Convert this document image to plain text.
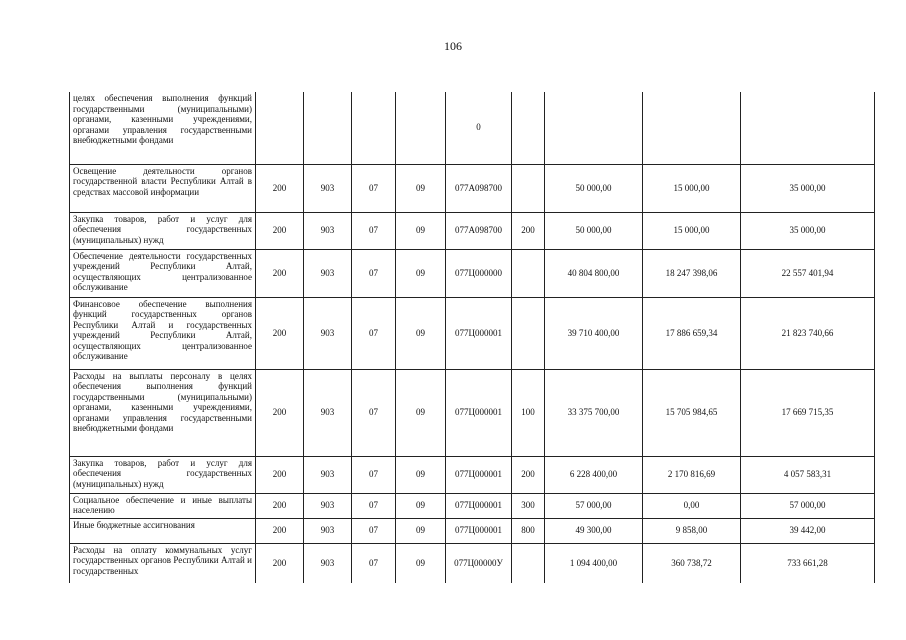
106
целях обеспечения выполнения функций государственными (муниципальными) органами, казенными учреждениями, органами управления государственными внебюджетными фондами					0				
Освещение деятельности органов государственной власти Республики Алтай в средствах массовой информации	200	903	07	09	077А098700		50 000,00	15 000,00	35 000,00
Закупка товаров, работ и услуг для обеспечения государственных (муниципальных) нужд	200	903	07	09	077А098700	200	50 000,00	15 000,00	35 000,00
Обеспечение деятельности государственных учреждений Республики Алтай, осуществляющих централизованное обслуживание	200	903	07	09	077Ц000000		40 804 800,00	18 247 398,06	22 557 401,94
Финансовое обеспечение выполнения функций государственных органов Республики Алтай и государственных учреждений Республики Алтай, осуществляющих централизованное обслуживание	200	903	07	09	077Ц000001		39 710 400,00	17 886 659,34	21 823 740,66
Расходы на выплаты персоналу в целях обеспечения выполнения функций государственными (муниципальными) органами, казенными учреждениями, органами управления государственными внебюджетными фондами	200	903	07	09	077Ц000001	100	33 375 700,00	15 705 984,65	17 669 715,35
Закупка товаров, работ и услуг для обеспечения государственных (муниципальных) нужд	200	903	07	09	077Ц000001	200	6 228 400,00	2 170 816,69	4 057 583,31
Социальное обеспечение и иные выплаты населению	200	903	07	09	077Ц000001	300	57 000,00	0,00	57 000,00
Иные бюджетные ассигнования	200	903	07	09	077Ц000001	800	49 300,00	9 858,00	39 442,00
Расходы на оплату коммунальных услуг государственных органов Республики Алтай и государственных	200	903	07	09	077Ц00000У		1 094 400,00	360 738,72	733 661,28
